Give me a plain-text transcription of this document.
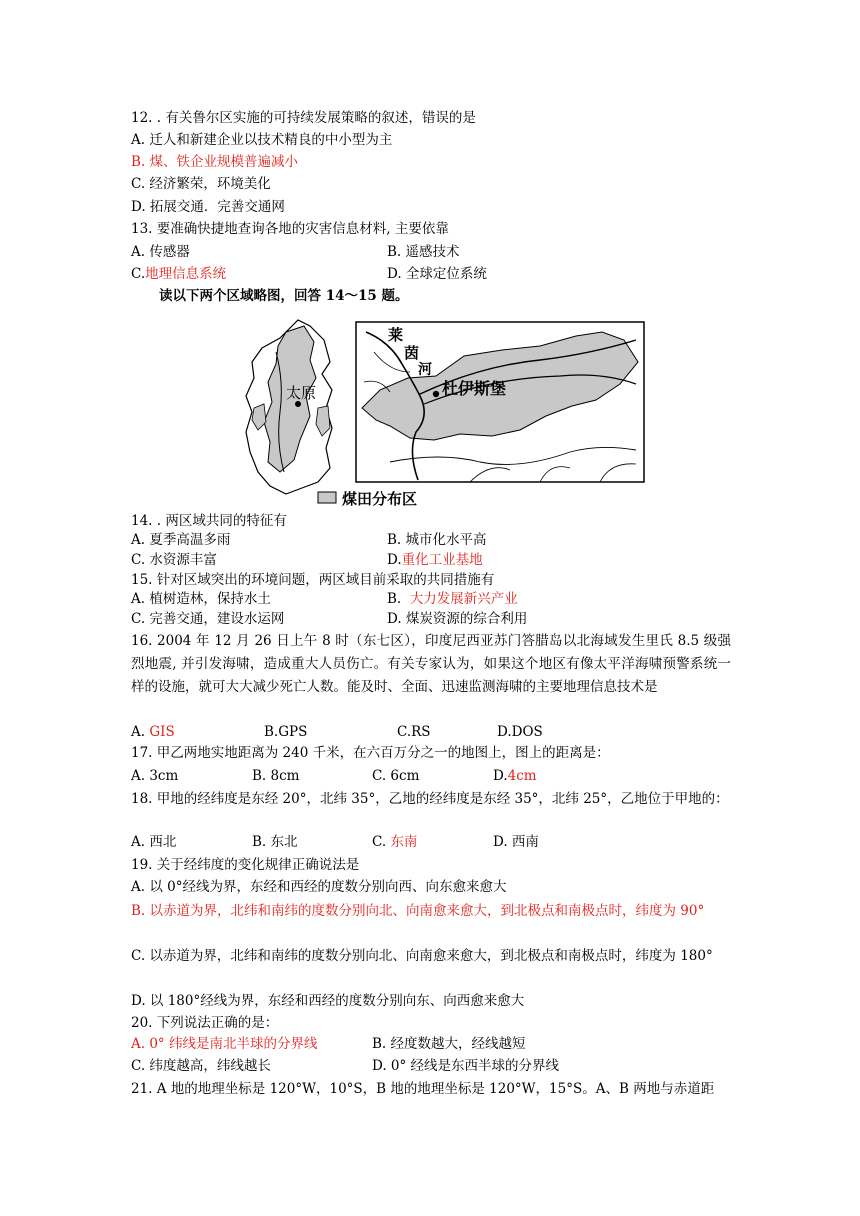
12. . 有关鲁尔区实施的可持续发展策略的叙述，错误的是
A. 迁人和新建企业以技术精良的中小型为主
B. 煤、铁企业规模普遍减小
C. 经济繁荣，环境美化
D. 拓展交通．完善交通网
13. 要准确快捷地查询各地的灾害信息材料, 主要依靠
A. 传感器	B. 遥感技术
C.地理信息系统	D. 全球定位系统
读以下两个区域略图，回答 14～15 题。
太原
莱
茵
河
杜伊斯堡
煤田分布区
14. . 两区域共同的特征有
A. 夏季高温多雨	B. 城市化水平高
C. 水资源丰富	D.重化工业基地
15. 针对区域突出的环境问题，两区域目前采取的共同措施有
A. 植树造林，保持水土	B. 大力发展新兴产业
C. 完善交通，建设水运网	D. 煤炭资源的综合利用
16. 2004 年 12 月 26 日上午 8 时（东七区），印度尼西亚苏门答腊岛以北海域发生里氏 8.5 级强烈地震, 并引发海啸，造成重大人员伤亡。有关专家认为，如果这个地区有像太平洋海啸预警系统一样的设施，就可大大减少死亡人数。能及时、全面、迅速监测海啸的主要地理信息技术是
A. GIS	B.GPS	C.RS	D.DOS
17. 甲乙两地实地距离为 240 千米，在六百万分之一的地图上，图上的距离是：
A. 3cm	B. 8cm	C. 6cm	D.4cm
18. 甲地的经纬度是东经 20°，北纬 35°，乙地的经纬度是东经 35°，北纬 25°，乙地位于甲地的：
A. 西北	B. 东北	C. 东南	D. 西南
19. 关于经纬度的变化规律正确说法是
A. 以 0°经线为界，东经和西经的度数分别向西、向东愈来愈大
B. 以赤道为界，北纬和南纬的度数分别向北、向南愈来愈大，到北极点和南极点时，纬度为 90°
C. 以赤道为界，北纬和南纬的度数分别向北、向南愈来愈大，到北极点和南极点时，纬度为 180°
D. 以 180°经线为界，东经和西经的度数分别向东、向西愈来愈大
20. 下列说法正确的是：
A. 0° 纬线是南北半球的分界线	B. 经度数越大，经线越短
C. 纬度越高，纬线越长	D. 0° 经线是东西半球的分界线
21. A 地的地理坐标是 120°W，10°S，B 地的地理坐标是 120°W，15°S。A、B 两地与赤道距
